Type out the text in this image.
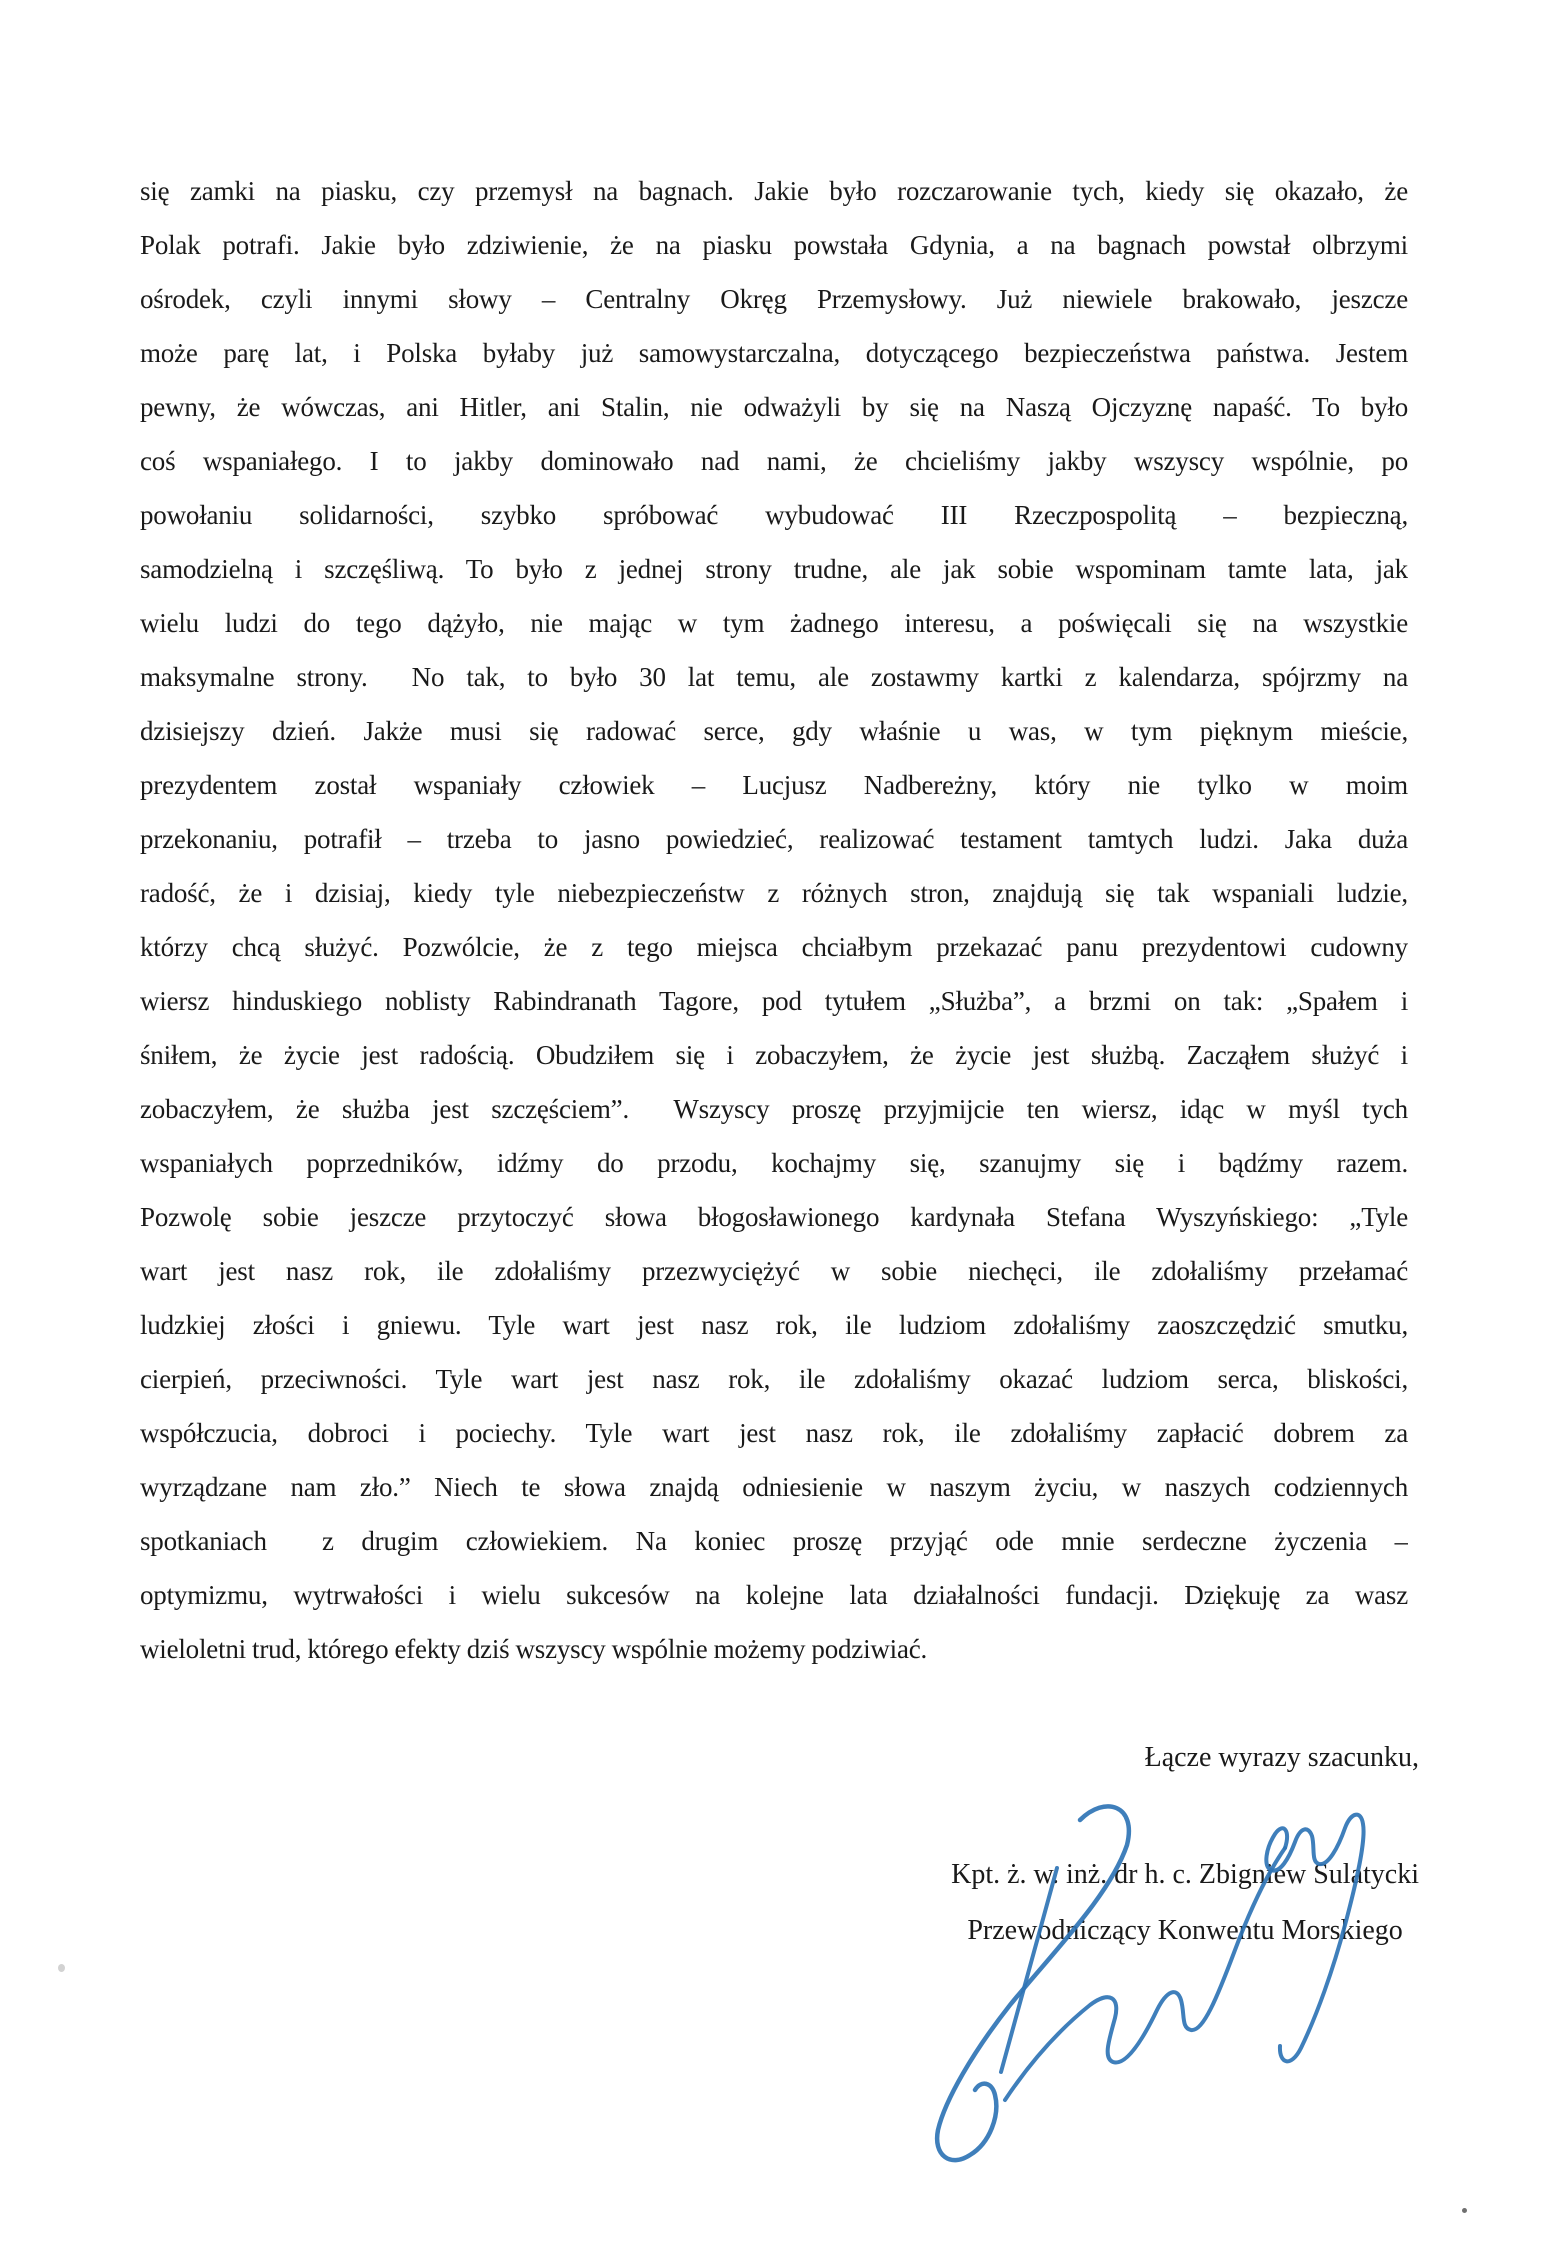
się zamki na piasku, czy przemysł na bagnach. Jakie było rozczarowanie tych, kiedy się okazało, że
Polak potrafi. Jakie było zdziwienie, że na piasku powstała Gdynia, a na bagnach powstał olbrzymi
ośrodek, czyli innymi słowy – Centralny Okręg Przemysłowy. Już niewiele brakowało, jeszcze
może parę lat, i Polska byłaby już samowystarczalna, dotyczącego bezpieczeństwa państwa. Jestem
pewny, że wówczas, ani Hitler, ani Stalin, nie odważyli by się na Naszą Ojczyznę napaść. To było
coś wspaniałego. I to jakby dominowało nad nami, że chcieliśmy jakby wszyscy wspólnie, po
powołaniu solidarności, szybko spróbować wybudować III Rzeczpospolitą – bezpieczną,
samodzielną i szczęśliwą. To było z jednej strony trudne, ale jak sobie wspominam tamte lata, jak
wielu ludzi do tego dążyło, nie mając w tym żadnego interesu, a poświęcali się na wszystkie
maksymalne strony.  No tak, to było 30 lat temu, ale zostawmy kartki z kalendarza, spójrzmy na
dzisiejszy dzień. Jakże musi się radować serce, gdy właśnie u was, w tym pięknym mieście,
prezydentem został wspaniały człowiek – Lucjusz Nadbereżny, który nie tylko w moim
przekonaniu, potrafił – trzeba to jasno powiedzieć, realizować testament tamtych ludzi. Jaka duża
radość, że i dzisiaj, kiedy tyle niebezpieczeństw z różnych stron, znajdują się tak wspaniali ludzie,
którzy chcą służyć. Pozwólcie, że z tego miejsca chciałbym przekazać panu prezydentowi cudowny
wiersz hinduskiego noblisty Rabindranath Tagore, pod tytułem „Służba”, a brzmi on tak: „Spałem i
śniłem, że życie jest radością. Obudziłem się i zobaczyłem, że życie jest służbą. Zacząłem służyć i
zobaczyłem, że służba jest szczęściem”.  Wszyscy proszę przyjmijcie ten wiersz, idąc w myśl tych
wspaniałych poprzedników, idźmy do przodu, kochajmy się, szanujmy się i bądźmy razem.
Pozwolę sobie jeszcze przytoczyć słowa błogosławionego kardynała Stefana Wyszyńskiego: „Tyle
wart jest nasz rok, ile zdołaliśmy przezwyciężyć w sobie niechęci, ile zdołaliśmy przełamać
ludzkiej złości i gniewu. Tyle wart jest nasz rok, ile ludziom zdołaliśmy zaoszczędzić smutku,
cierpień, przeciwności. Tyle wart jest nasz rok, ile zdołaliśmy okazać ludziom serca, bliskości,
współczucia, dobroci i pociechy. Tyle wart jest nasz rok, ile zdołaliśmy zapłacić dobrem za
wyrządzane nam zło.” Niech te słowa znajdą odniesienie w naszym życiu, w naszych codziennych
spotkaniach  z drugim człowiekiem. Na koniec proszę przyjąć ode mnie serdeczne życzenia –
optymizmu, wytrwałości i wielu sukcesów na kolejne lata działalności fundacji. Dziękuję za wasz
wieloletni trud, którego efekty dziś wszyscy wspólnie możemy podziwiać.
Łącze wyrazy szacunku,
Kpt. ż. w. inż. dr h. c. Zbigniew Sulatycki
Przewodniczący Konwentu Morskiego
